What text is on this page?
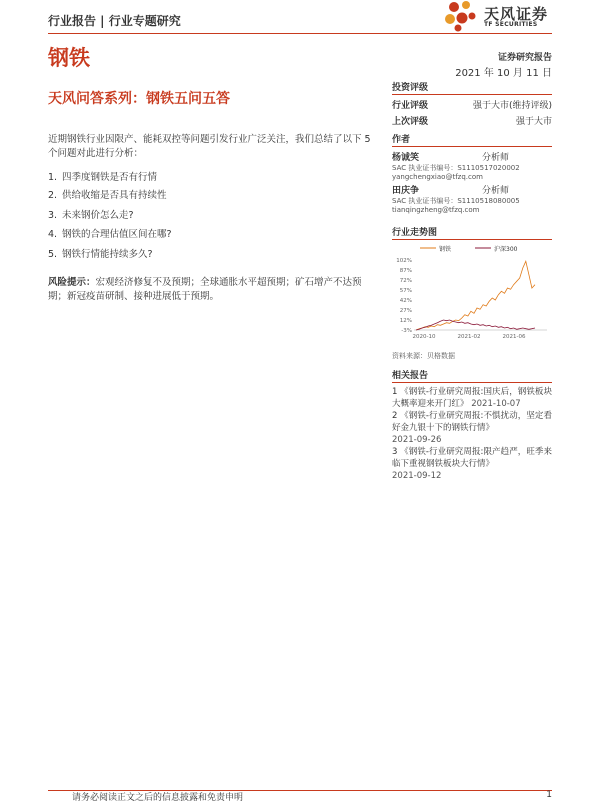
行业报告 | 行业专题研究	天风证券
TF SECURITIES
钢铁	证券研究报告
2021 年 10 月 11 日
天风问答系列：钢铁五问五答
近期钢铁行业因限产、能耗双控等问题引发行业广泛关注，我们总结了以下 5 个问题对此进行分析：
1. 四季度钢铁是否有行情
2. 供给收缩是否具有持续性
3. 未来钢价怎么走?
4. 钢铁的合理估值区间在哪?
5. 钢铁行情能持续多久?
风险提示：宏观经济修复不及预期；全球通胀水平超预期；矿石增产不达预期；新冠疫苗研制、接种进展低于预期。
投资评级
行业评级	强于大市(维持评级)
上次评级	强于大市
作者
杨诚笑	分析师
SAC 执业证书编号：S1110517020002
yangchengxiao@tfzq.com
田庆争	分析师
SAC 执业证书编号：S1110518080005
tianqingzheng@tfzq.com
行业走势图
钢铁	沪深300
102%
87%
72%
57%
42%
27%
12%
-3%
2020-10	2021-02	2021-06
资料来源：贝格数据
相关报告
1 《钢铁-行业研究周报:国庆后，钢铁板块大概率迎来开门红》 2021-10-07
2 《钢铁-行业研究周报:不惧扰动，坚定看好金九银十下的钢铁行情》
2021-09-26
3 《钢铁-行业研究周报:限产趋严，旺季来临下重视钢铁板块大行情》
2021-09-12
请务必阅读正文之后的信息披露和免责申明	1
